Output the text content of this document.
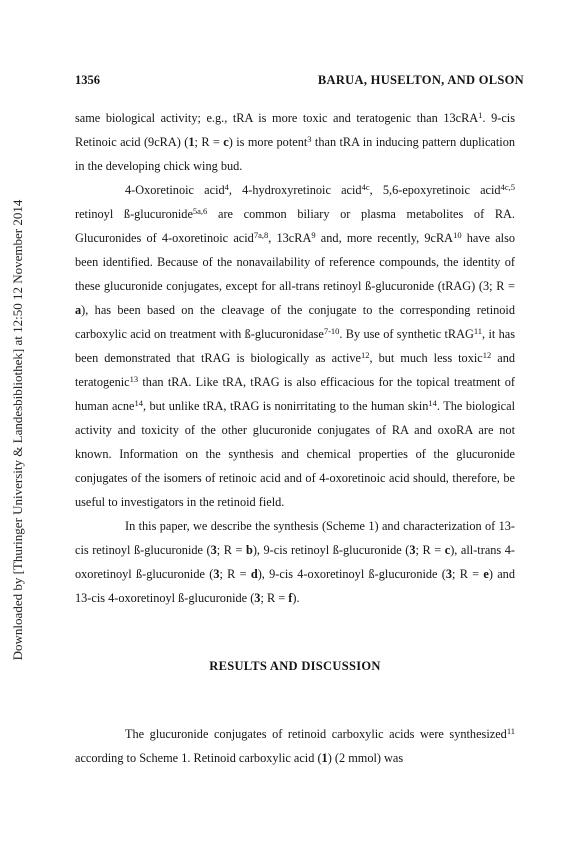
Downloaded by [Thuringer University & Landesbibliothek] at 12:50 12 November 2014
1356	BARUA, HUSELTON, AND OLSON

same biological activity; e.g., tRA is more toxic and teratogenic than 13cRA$^1$. 9-cis Retinoic acid (9cRA) (1; R = c) is more potent$^3$ than tRA in inducing pattern duplication in the developing chick wing bud.

4-Oxoretinoic acid$^4$, 4-hydroxyretinoic acid$^{4c}$, 5,6-epoxyretinoic acid$^{4c,5}$ retinoyl ß-glucuronide$^{5a,6}$ are common biliary or plasma metabolites of RA. Glucuronides of 4-oxoretinoic acid$^{7a,8}$, 13cRA$^9$ and, more recently, 9cRA$^{10}$ have also been identified. Because of the nonavailability of reference compounds, the identity of these glucuronide conjugates, except for all-trans retinoyl ß-glucuronide (tRAG) (3; R = a), has been based on the cleavage of the conjugate to the corresponding retinoid carboxylic acid on treatment with ß-glucuronidase$^{7-10}$. By use of synthetic tRAG$^{11}$, it has been demonstrated that tRAG is biologically as active$^{12}$, but much less toxic$^{12}$ and teratogenic$^{13}$ than tRA. Like tRA, tRAG is also efficacious for the topical treatment of human acne$^{14}$, but unlike tRA, tRAG is nonirritating to the human skin$^{14}$. The biological activity and toxicity of the other glucuronide conjugates of RA and oxoRA are not known. Information on the synthesis and chemical properties of the glucuronide conjugates of the isomers of retinoic acid and of 4-oxoretinoic acid should, therefore, be useful to investigators in the retinoid field.

In this paper, we describe the synthesis (Scheme 1) and characterization of 13-cis retinoyl ß-glucuronide (3; R = b), 9-cis retinoyl ß-glucuronide (3; R = c), all-trans 4-oxoretinoyl ß-glucuronide (3; R = d), 9-cis 4-oxoretinoyl ß-glucuronide (3; R = e) and 13-cis 4-oxoretinoyl ß-glucuronide (3; R = f).

RESULTS AND DISCUSSION

The glucuronide conjugates of retinoid carboxylic acids were synthesized$^{11}$ according to Scheme 1. Retinoid carboxylic acid (1) (2 mmol) was
